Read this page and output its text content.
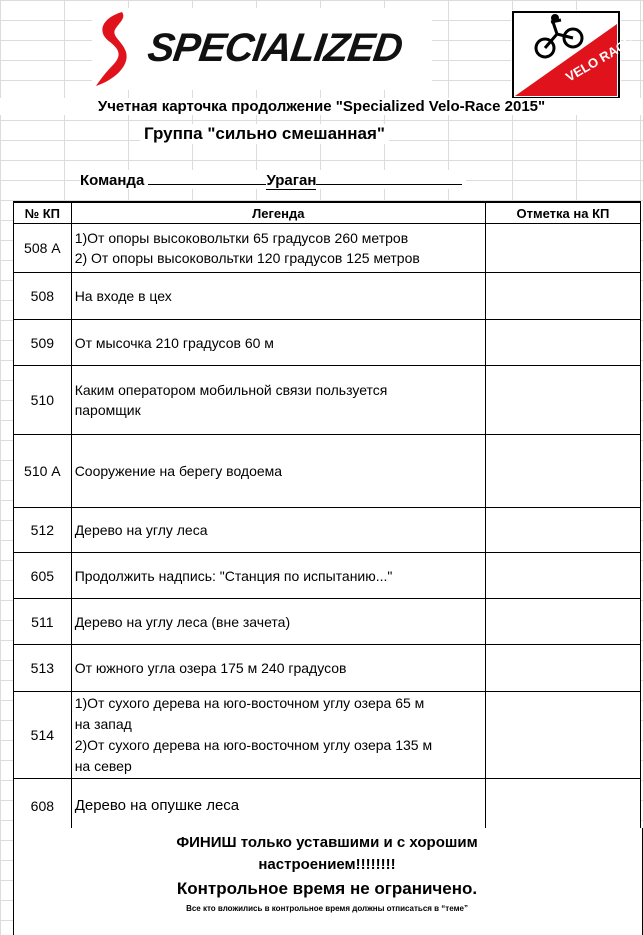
SPECIALIZED	VELO RACE
Учетная карточка продолжение "Specialized Velo-Race 2015"
Группа "сильно смешанная"
Команда	Ураган
№ КП	Легенда	Отметка на КП
508 А	1)От опоры высоковольтки 65 градусов 260 метров
2) От опоры высоковольтки 120 градусов 125 метров	

508	На входе в цех	

509	От мысочка 210 градусов 60 м	

510	Каким оператором мобильной связи пользуется
паромщик	

510 А	Сооружение на берегу водоема	

512	Дерево на углу леса	

605	Продолжить надпись: "Станция по испытанию..."	

511	Дерево на углу леса (вне зачета)	

513	От южного угла озера 175 м 240 градусов	

514	1)От сухого дерева на юго-восточном углу озера 65 м
на запад
2)От сухого дерева на юго-восточном углу озера 135 м
на север	

608	Дерево на опушке леса	

ФИНИШ только уставшими и с хорошим
настроением!!!!!!!!
Контрольное время не ограничено.
Все кто вложились в контрольное время должны отписаться в “теме”
